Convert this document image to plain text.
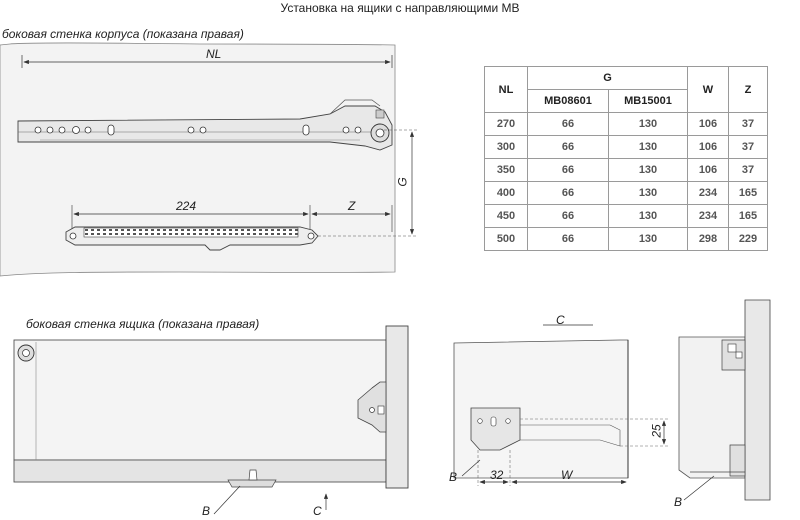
Установка на ящики с направляющими МВ
боковая стенка корпуса (показана правая)
боковая стенка ящика (показана правая)
NL
G
224	Z
B	C
C
B	32	W
25
B
NL	G		W	Z
	MB08601	MB15001		
270	66	130	106	37
300	66	130	106	37
350	66	130	106	37
400	66	130	234	165
450	66	130	234	165
500	66	130	298	229
